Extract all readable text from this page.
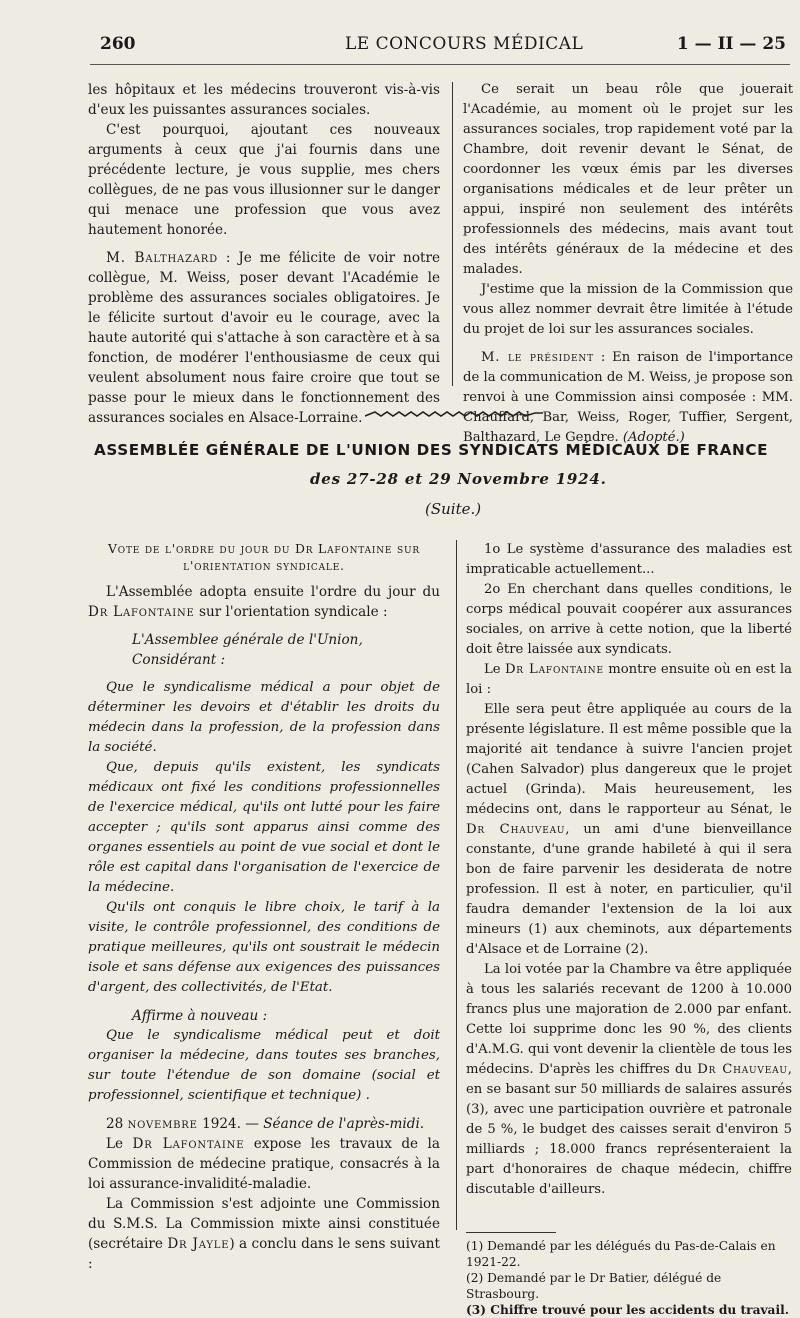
260	LE CONCOURS MÉDICAL	1 — II — 25

les hôpitaux et les médecins trouveront vis-à-vis d'eux les puissantes assurances sociales.

C'est pourquoi, ajoutant ces nouveaux arguments à ceux que j'ai fournis dans une précédente lecture, je vous supplie, mes chers collègues, de ne pas vous illusionner sur le danger qui menace une profession que vous avez hautement honorée.

M. Balthazard : Je me félicite de voir notre collègue, M. Weiss, poser devant l'Académie le problème des assurances sociales obligatoires. Je le félicite surtout d'avoir eu le courage, avec la haute autorité qui s'attache à son caractère et à sa fonction, de modérer l'enthousiasme de ceux qui veulent absolument nous faire croire que tout se passe pour le mieux dans le fonctionnement des assurances sociales en Alsace-Lorraine.

Ce serait un beau rôle que jouerait l'Académie, au moment où le projet sur les assurances sociales, trop rapidement voté par la Chambre, doit revenir devant le Sénat, de coordonner les vœux émis par les diverses organisations médicales et de leur prêter un appui, inspiré non seulement des intérêts professionnels des médecins, mais avant tout des intérêts généraux de la médecine et des malades.

J'estime que la mission de la Commission que vous allez nommer devrait être limitée à l'étude du projet de loi sur les assurances sociales.

M. le président : En raison de l'importance de la communication de M. Weiss, je propose son renvoi à une Commission ainsi composée : MM. Chauffard, Bar, Weiss, Roger, Tuffier, Sergent, Balthazard, Le Gendre. (Adopté.)

ASSEMBLÉE GÉNÉRALE DE L'UNION DES SYNDICATS MÉDICAUX DE FRANCE
des 27-28 et 29 Novembre 1924.
(Suite.)

Vote de l'ordre du jour du Dr Lafontaine sur l'orientation syndicale.

L'Assemblée adopta ensuite l'ordre du jour du Dr Lafontaine sur l'orientation syndicale :

L'Assemblee générale de l'Union,

Considérant :

Que le syndicalisme médical a pour objet de déterminer les devoirs et d'établir les droits du médecin dans la profession, de la profession dans la société.

Que, depuis qu'ils existent, les syndicats médicaux ont fixé les conditions professionnelles de l'exercice médical, qu'ils ont lutté pour les faire accepter ; qu'ils sont apparus ainsi comme des organes essentiels au point de vue social et dont le rôle est capital dans l'organisation de l'exercice de la médecine.

Qu'ils ont conquis le libre choix, le tarif à la visite, le contrôle professionnel, des conditions de pratique meilleures, qu'ils ont soustrait le médecin isole et sans défense aux exigences des puissances d'argent, des collectivités, de l'Etat.

Affirme à nouveau :

Que le syndicalisme médical peut et doit organiser la médecine, dans toutes ses branches, sur toute l'étendue de son domaine (social et professionnel, scientifique et technique) .

28 novembre 1924. — Séance de l'après-midi.

Le Dr Lafontaine expose les travaux de la Commission de médecine pratique, consacrés à la loi assurance-invalidité-maladie.

La Commission s'est adjointe une Commission du S.M.S. La Commission mixte ainsi constituée (secrétaire Dr Jayle) a conclu dans le sens suivant :

1o Le système d'assurance des maladies est impraticable actuellement...

2o En cherchant dans quelles conditions, le corps médical pouvait coopérer aux assurances sociales, on arrive à cette notion, que la liberté doit être laissée aux syndicats.

Le Dr Lafontaine montre ensuite où en est la loi :

Elle sera peut être appliquée au cours de la présente législature. Il est même possible que la majorité ait tendance à suivre l'ancien projet (Cahen Salvador) plus dangereux que le projet actuel (Grinda). Mais heureusement, les médecins ont, dans le rapporteur au Sénat, le Dr Chauveau, un ami d'une bienveillance constante, d'une grande habileté à qui il sera bon de faire parvenir les desiderata de notre profession. Il est à noter, en particulier, qu'il faudra demander l'extension de la loi aux mineurs (1) aux cheminots, aux départements d'Alsace et de Lorraine (2).

La loi votée par la Chambre va être appliquée à tous les salariés recevant de 1200 à 10.000 francs plus une majoration de 2.000 par enfant. Cette loi supprime donc les 90 %, des clients d'A.M.G. qui vont devenir la clientèle de tous les médecins. D'après les chiffres du Dr Chauveau, en se basant sur 50 milliards de salaires assurés (3), avec une participation ouvrière et patronale de 5 %, le budget des caisses serait d'environ 5 milliards ; 18.000 francs représenteraient la part d'honoraires de chaque médecin, chiffre discutable d'ailleurs.

(1) Demandé par les délégués du Pas-de-Calais en 1921-22.

(2) Demandé par le Dr Batier, délégué de Strasbourg.

(3) Chiffre trouvé pour les accidents du travail.
